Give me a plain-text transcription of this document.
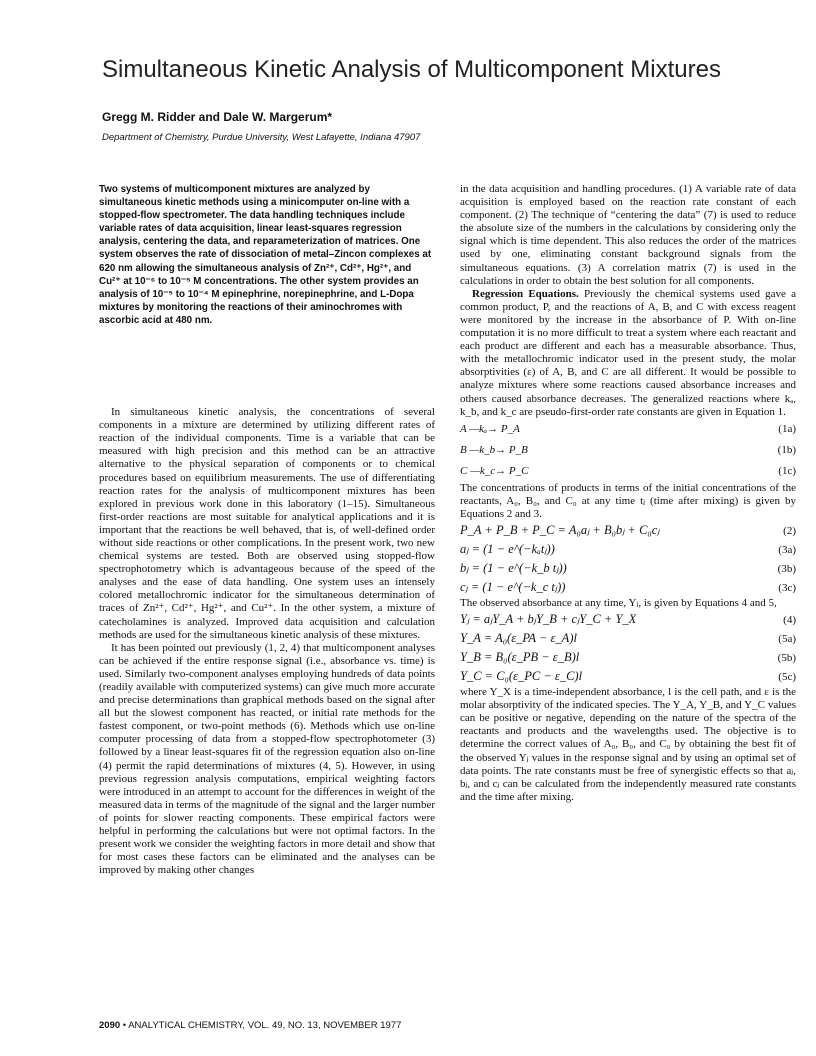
Simultaneous Kinetic Analysis of Multicomponent Mixtures

Gregg M. Ridder and Dale W. Margerum*

Department of Chemistry, Purdue University, West Lafayette, Indiana 47907

Two systems of multicomponent mixtures are analyzed by simultaneous kinetic methods using a minicomputer on-line with a stopped-flow spectrometer. The data handling techniques include variable rates of data acquisition, linear least-squares regression analysis, centering the data, and reparameterization of matrices. One system observes the rate of dissociation of metal–Zincon complexes at 620 nm allowing the simultaneous analysis of Zn²⁺, Cd²⁺, Hg²⁺, and Cu²⁺ at 10⁻⁶ to 10⁻⁵ M concentrations. The other system provides an analysis of 10⁻⁵ to 10⁻⁴ M epinephrine, norepinephrine, and L-Dopa mixtures by monitoring the reactions of their aminochromes with ascorbic acid at 480 nm.

In simultaneous kinetic analysis, the concentrations of several components in a mixture are determined by utilizing different rates of reaction of the individual components. Time is a variable that can be measured with high precision and this method can be an attractive alternative to the physical separation of components or to chemical procedures based on equilibrium measurements. The use of differentiating reaction rates for the analysis of multicomponent mixtures has been explored in previous work done in this laboratory (1–15). Simultaneous first-order reactions are most suitable for analytical applications and it is important that the reactions be well behaved, that is, of well-defined order without side reactions or other complications. In the present work, two new chemical systems are tested. Both are observed using stopped-flow spectrophotometry which is advantageous because of the speed of the analyses and the ease of data handling. One system uses an intensely colored metallochromic indicator for the simultaneous determination of traces of Zn²⁺, Cd²⁺, Hg²⁺, and Cu²⁺. In the other system, a mixture of catecholamines is analyzed. Improved data acquisition and calculation methods are used for the simultaneous kinetic analysis of these mixtures.

It has been pointed out previously (1, 2, 4) that multicomponent analyses can be achieved if the entire response signal (i.e., absorbance vs. time) is used. Similarly two-component analyses employing hundreds of data points (readily available with computerized systems) can give much more accurate and precise determinations than graphical methods based on the signal after all but the slowest component has reacted, or initial rate methods for the fastest component, or two-point methods (6). Methods which use on-line computer processing of data from a stopped-flow spectrophotometer (3) followed by a linear least-squares fit of the regression equation also on-line (4) permit the rapid determinations of mixtures (4, 5). However, in using previous regression analysis computations, empirical weighting factors were introduced in an attempt to account for the differences in weight of the measured data in terms of the magnitude of the signal and the larger number of points for slower reacting components. These empirical factors were helpful in performing the calculations but were not optimal factors. In the present work we consider the weighting factors in more detail and show that for most cases these factors can be eliminated and the analyses can be improved by making other changes

in the data acquisition and handling procedures. (1) A variable rate of data acquisition is employed based on the reaction rate constant of each component. (2) The technique of “centering the data” (7) is used to reduce the absolute size of the numbers in the calculations by considering only the signal which is time dependent. This also reduces the order of the matrices used by one, eliminating constant background signals from the simultaneous equations. (3) A correlation matrix (7) is used in the calculations in order to obtain the best solution for all components.

Regression Equations. Previously the chemical systems used gave a common product, P, and the reactions of A, B, and C with excess reagent were monitored by the increase in the absorbance of P. With on-line computation it is no more difficult to treat a system where each reactant and each product are different and each has a measurable absorbance. Thus, with the metallochromic indicator used in the present study, the molar absorptivities (ε) of A, B, and C are all different. It would be possible to analyze mixtures where some reactions caused absorbance increases and others caused absorbance decreases. The generalized reactions where kₐ, k_b, and k_c are pseudo-first-order rate constants are given in Equation 1.

A —kₐ→ P_A	(1a)
B —k_b→ P_B	(1b)
C —k_c→ P_C	(1c)

The concentrations of products in terms of the initial concentrations of the reactants, A₀, B₀, and C₀ at any time tⱼ (time after mixing) is given by Equations 2 and 3.

P_A + P_B + P_C = A₀aⱼ + B₀bⱼ + C₀cⱼ	(2)
aⱼ = (1 − e^(−kₐtⱼ))	(3a)
bⱼ = (1 − e^(−k_b tⱼ))	(3b)
cⱼ = (1 − e^(−k_c tⱼ))	(3c)

The observed absorbance at any time, Yⱼ, is given by Equations 4 and 5,

Yⱼ = aⱼY_A + bⱼY_B + cⱼY_C + Y_X	(4)
Y_A = A₀(ε_PA − ε_A)l	(5a)
Y_B = B₀(ε_PB − ε_B)l	(5b)
Y_C = C₀(ε_PC − ε_C)l	(5c)

where Y_X is a time-independent absorbance, l is the cell path, and ε is the molar absorptivity of the indicated species. The Y_A, Y_B, and Y_C values can be positive or negative, depending on the nature of the spectra of the reactants and products and the wavelengths used. The objective is to determine the correct values of A₀, B₀, and C₀ by obtaining the best fit of the observed Yⱼ values in the response signal and by using an optimal set of data points. The rate constants must be free of synergistic effects so that aⱼ, bⱼ, and cⱼ can be calculated from the independently measured rate constants and the time after mixing.

2090 • ANALYTICAL CHEMISTRY, VOL. 49, NO. 13, NOVEMBER 1977
